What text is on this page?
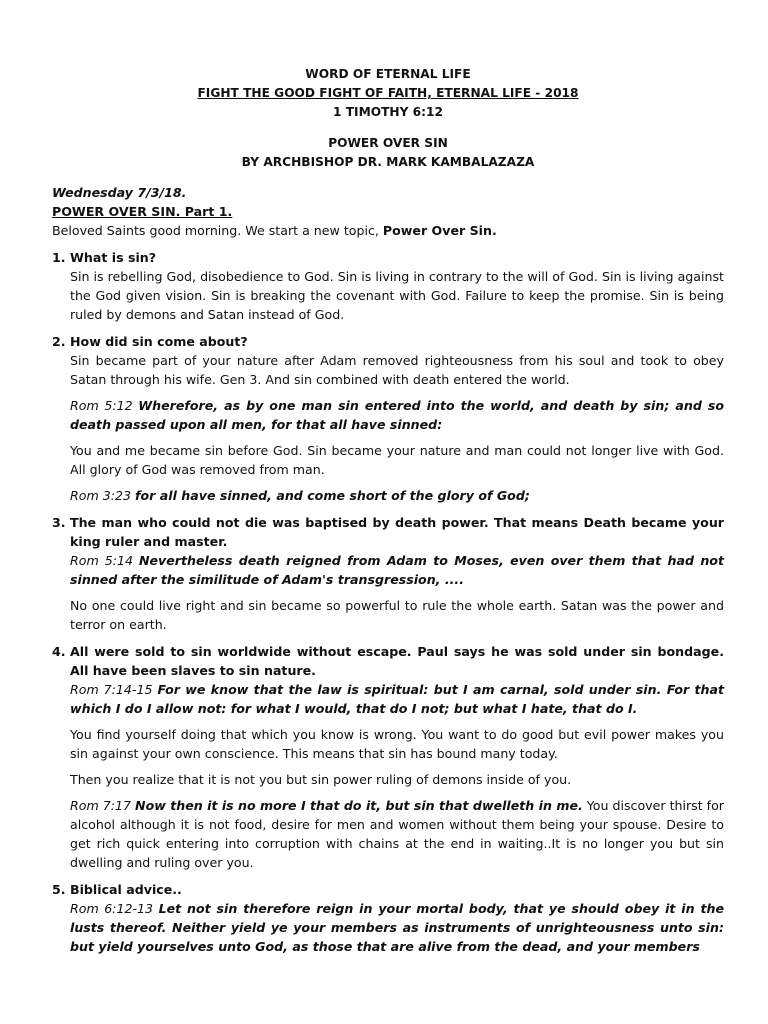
WORD OF ETERNAL LIFE
FIGHT THE GOOD FIGHT OF FAITH, ETERNAL LIFE - 2018
1 TIMOTHY 6:12
POWER OVER SIN
BY ARCHBISHOP DR. MARK KAMBALAZAZA
Wednesday 7/3/18.
POWER OVER SIN. Part 1.
Beloved Saints good morning. We start a new topic, Power Over Sin.
1. What is sin?

Sin is rebelling God, disobedience to God. Sin is living in contrary to the will of God. Sin is living against the God given vision. Sin is breaking the covenant with God. Failure to keep the promise. Sin is being ruled by demons and Satan instead of God.

2. How did sin come about?

Sin became part of your nature after Adam removed righteousness from his soul and took to obey Satan through his wife. Gen 3. And sin combined with death entered the world.

Rom 5:12 Wherefore, as by one man sin entered into the world, and death by sin; and so death passed upon all men, for that all have sinned:

You and me became sin before God. Sin became your nature and man could not longer live with God. All glory of God was removed from man.

Rom 3:23 for all have sinned, and come short of the glory of God;

3. The man who could not die was baptised by death power. That means Death became your king ruler and master.

Rom 5:14 Nevertheless death reigned from Adam to Moses, even over them that had not sinned after the similitude of Adam's transgression, ....

No one could live right and sin became so powerful to rule the whole earth. Satan was the power and terror on earth.

4. All were sold to sin worldwide without escape. Paul says he was sold under sin bondage. All have been slaves to sin nature.

Rom 7:14-15 For we know that the law is spiritual: but I am carnal, sold under sin. For that which I do I allow not: for what I would, that do I not; but what I hate, that do I.

You find yourself doing that which you know is wrong. You want to do good but evil power makes you sin against your own conscience. This means that sin has bound many today.

Then you realize that it is not you but sin power ruling of demons inside of you.

Rom 7:17 Now then it is no more I that do it, but sin that dwelleth in me. You discover thirst for alcohol although it is not food, desire for men and women without them being your spouse. Desire to get rich quick entering into corruption with chains at the end in waiting..It is no longer you but sin dwelling and ruling over you.

5. Biblical advice..

Rom 6:12-13 Let not sin therefore reign in your mortal body, that ye should obey it in the lusts thereof. Neither yield ye your members as instruments of unrighteousness unto sin: but yield yourselves unto God, as those that are alive from the dead, and your members
